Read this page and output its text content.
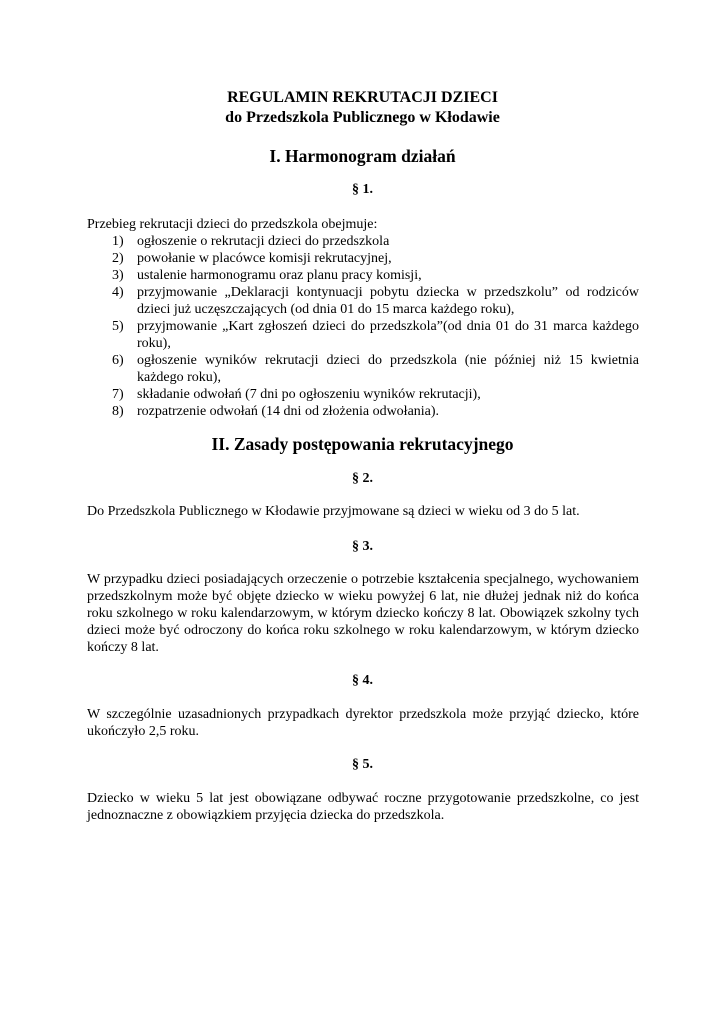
REGULAMIN REKRUTACJI DZIECI
do Przedszkola Publicznego w Kłodawie
I. Harmonogram działań

§ 1.

Przebieg rekrutacji dzieci do przedszkola obejmuje:

1) ogłoszenie o rekrutacji dzieci do przedszkola
2) powołanie w placówce komisji rekrutacyjnej,
3) ustalenie harmonogramu oraz planu pracy komisji,
4) przyjmowanie „Deklaracji kontynuacji pobytu dziecka w przedszkolu” od rodziców dzieci już uczęszczających (od dnia 01 do 15 marca każdego roku),
5) przyjmowanie „Kart zgłoszeń dzieci do przedszkola”(od dnia 01 do 31 marca każdego roku),
6) ogłoszenie wyników rekrutacji dzieci do przedszkola (nie później niż 15 kwietnia każdego roku),
7) składanie odwołań (7 dni po ogłoszeniu wyników rekrutacji),
8) rozpatrzenie odwołań (14 dni od złożenia odwołania).
II. Zasady postępowania rekrutacyjnego

§ 2.

Do Przedszkola Publicznego w Kłodawie przyjmowane są dzieci w wieku od 3 do 5 lat.

§ 3.

W przypadku dzieci posiadających orzeczenie o potrzebie kształcenia specjalnego, wychowaniem przedszkolnym może być objęte dziecko w wieku powyżej 6 lat, nie dłużej jednak niż do końca roku szkolnego w roku kalendarzowym, w którym dziecko kończy 8 lat. Obowiązek szkolny tych dzieci może być odroczony do końca roku szkolnego w roku kalendarzowym, w którym dziecko kończy 8 lat.

§ 4.

W szczególnie uzasadnionych przypadkach dyrektor przedszkola może przyjąć dziecko, które ukończyło 2,5 roku.

§ 5.

Dziecko w wieku 5 lat jest obowiązane odbywać roczne przygotowanie przedszkolne, co jest jednoznaczne z obowiązkiem przyjęcia dziecka do przedszkola.
